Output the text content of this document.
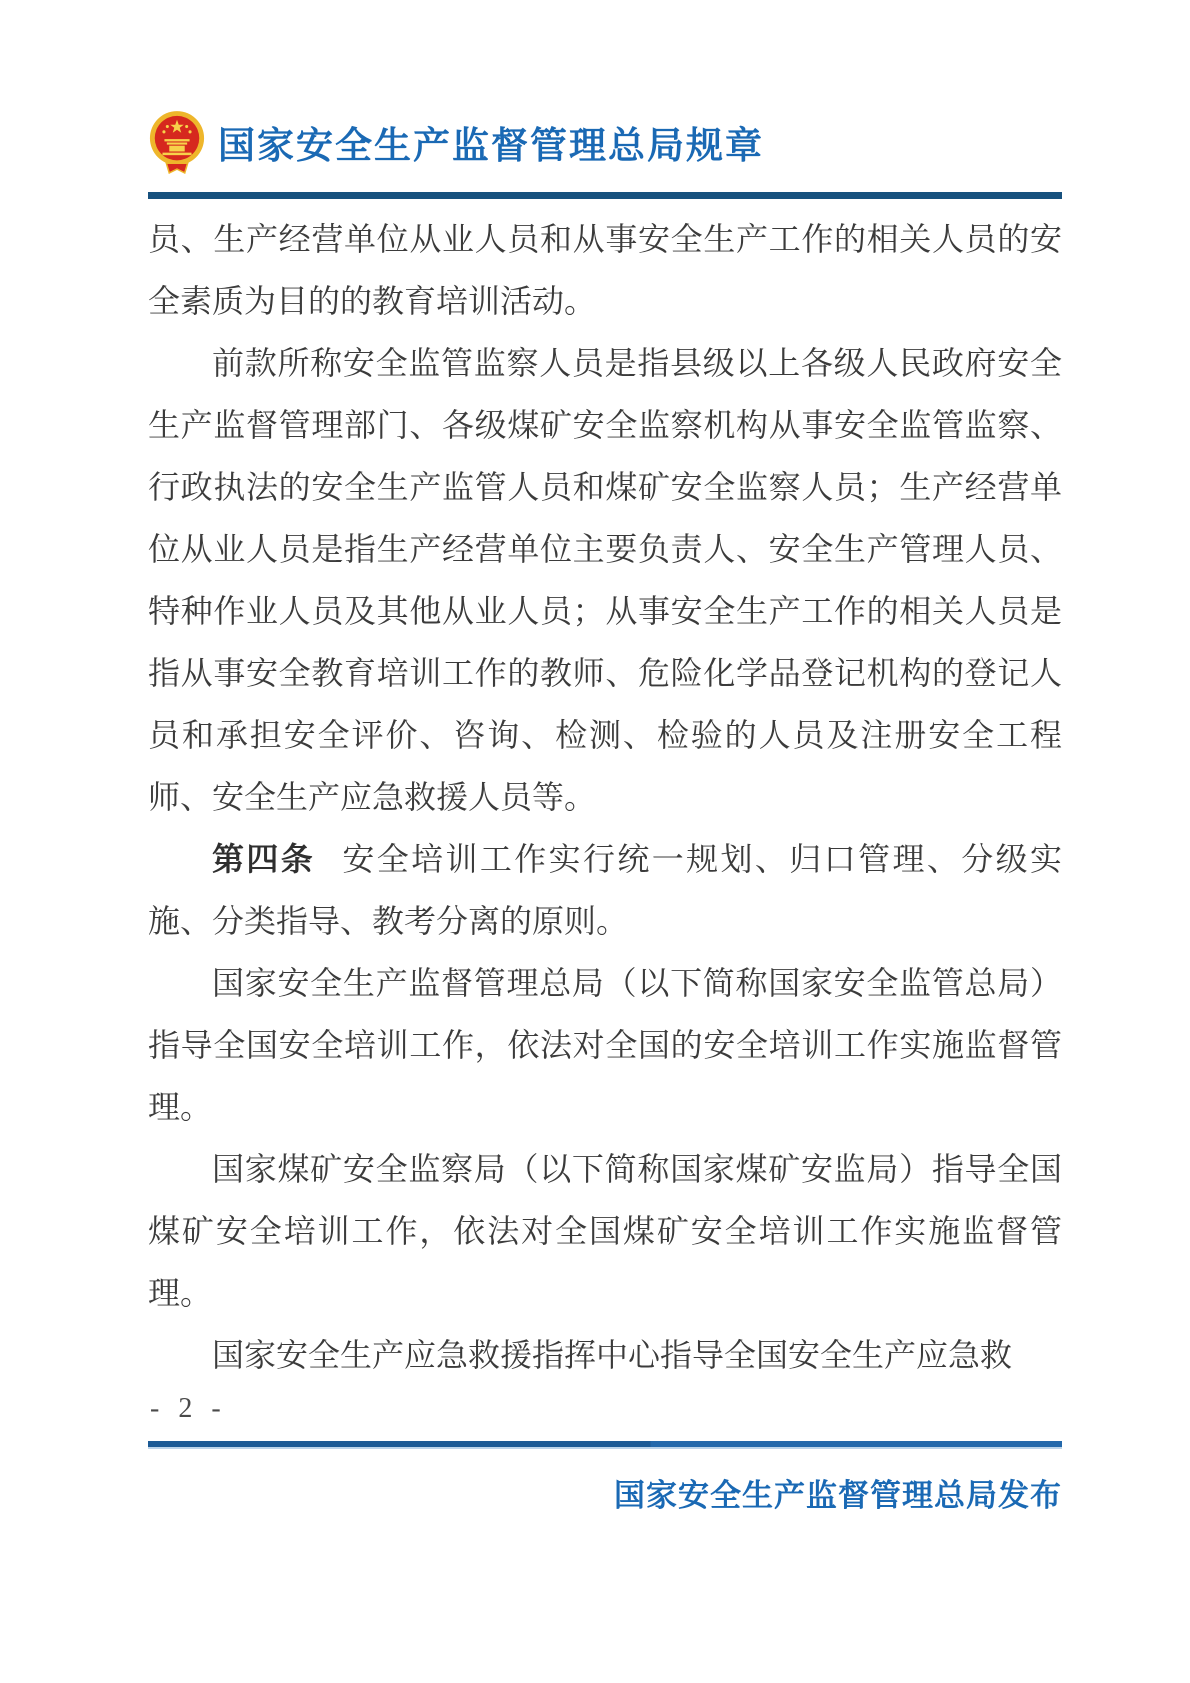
国家安全生产监督管理总局规章

员、生产经营单位从业人员和从事安全生产工作的相关人员的安全素质为目的的教育培训活动。

前款所称安全监管监察人员是指县级以上各级人民政府安全生产监督管理部门、各级煤矿安全监察机构从事安全监管监察、行政执法的安全生产监管人员和煤矿安全监察人员；生产经营单位从业人员是指生产经营单位主要负责人、安全生产管理人员、特种作业人员及其他从业人员；从事安全生产工作的相关人员是指从事安全教育培训工作的教师、危险化学品登记机构的登记人员和承担安全评价、咨询、检测、检验的人员及注册安全工程师、安全生产应急救援人员等。

第四条 安全培训工作实行统一规划、归口管理、分级实施、分类指导、教考分离的原则。

国家安全生产监督管理总局（以下简称国家安全监管总局）指导全国安全培训工作，依法对全国的安全培训工作实施监督管理。

国家煤矿安全监察局（以下简称国家煤矿安监局）指导全国煤矿安全培训工作，依法对全国煤矿安全培训工作实施监督管理。

国家安全生产应急救援指挥中心指导全国安全生产应急救

- 2 -
国家安全生产监督管理总局发布
